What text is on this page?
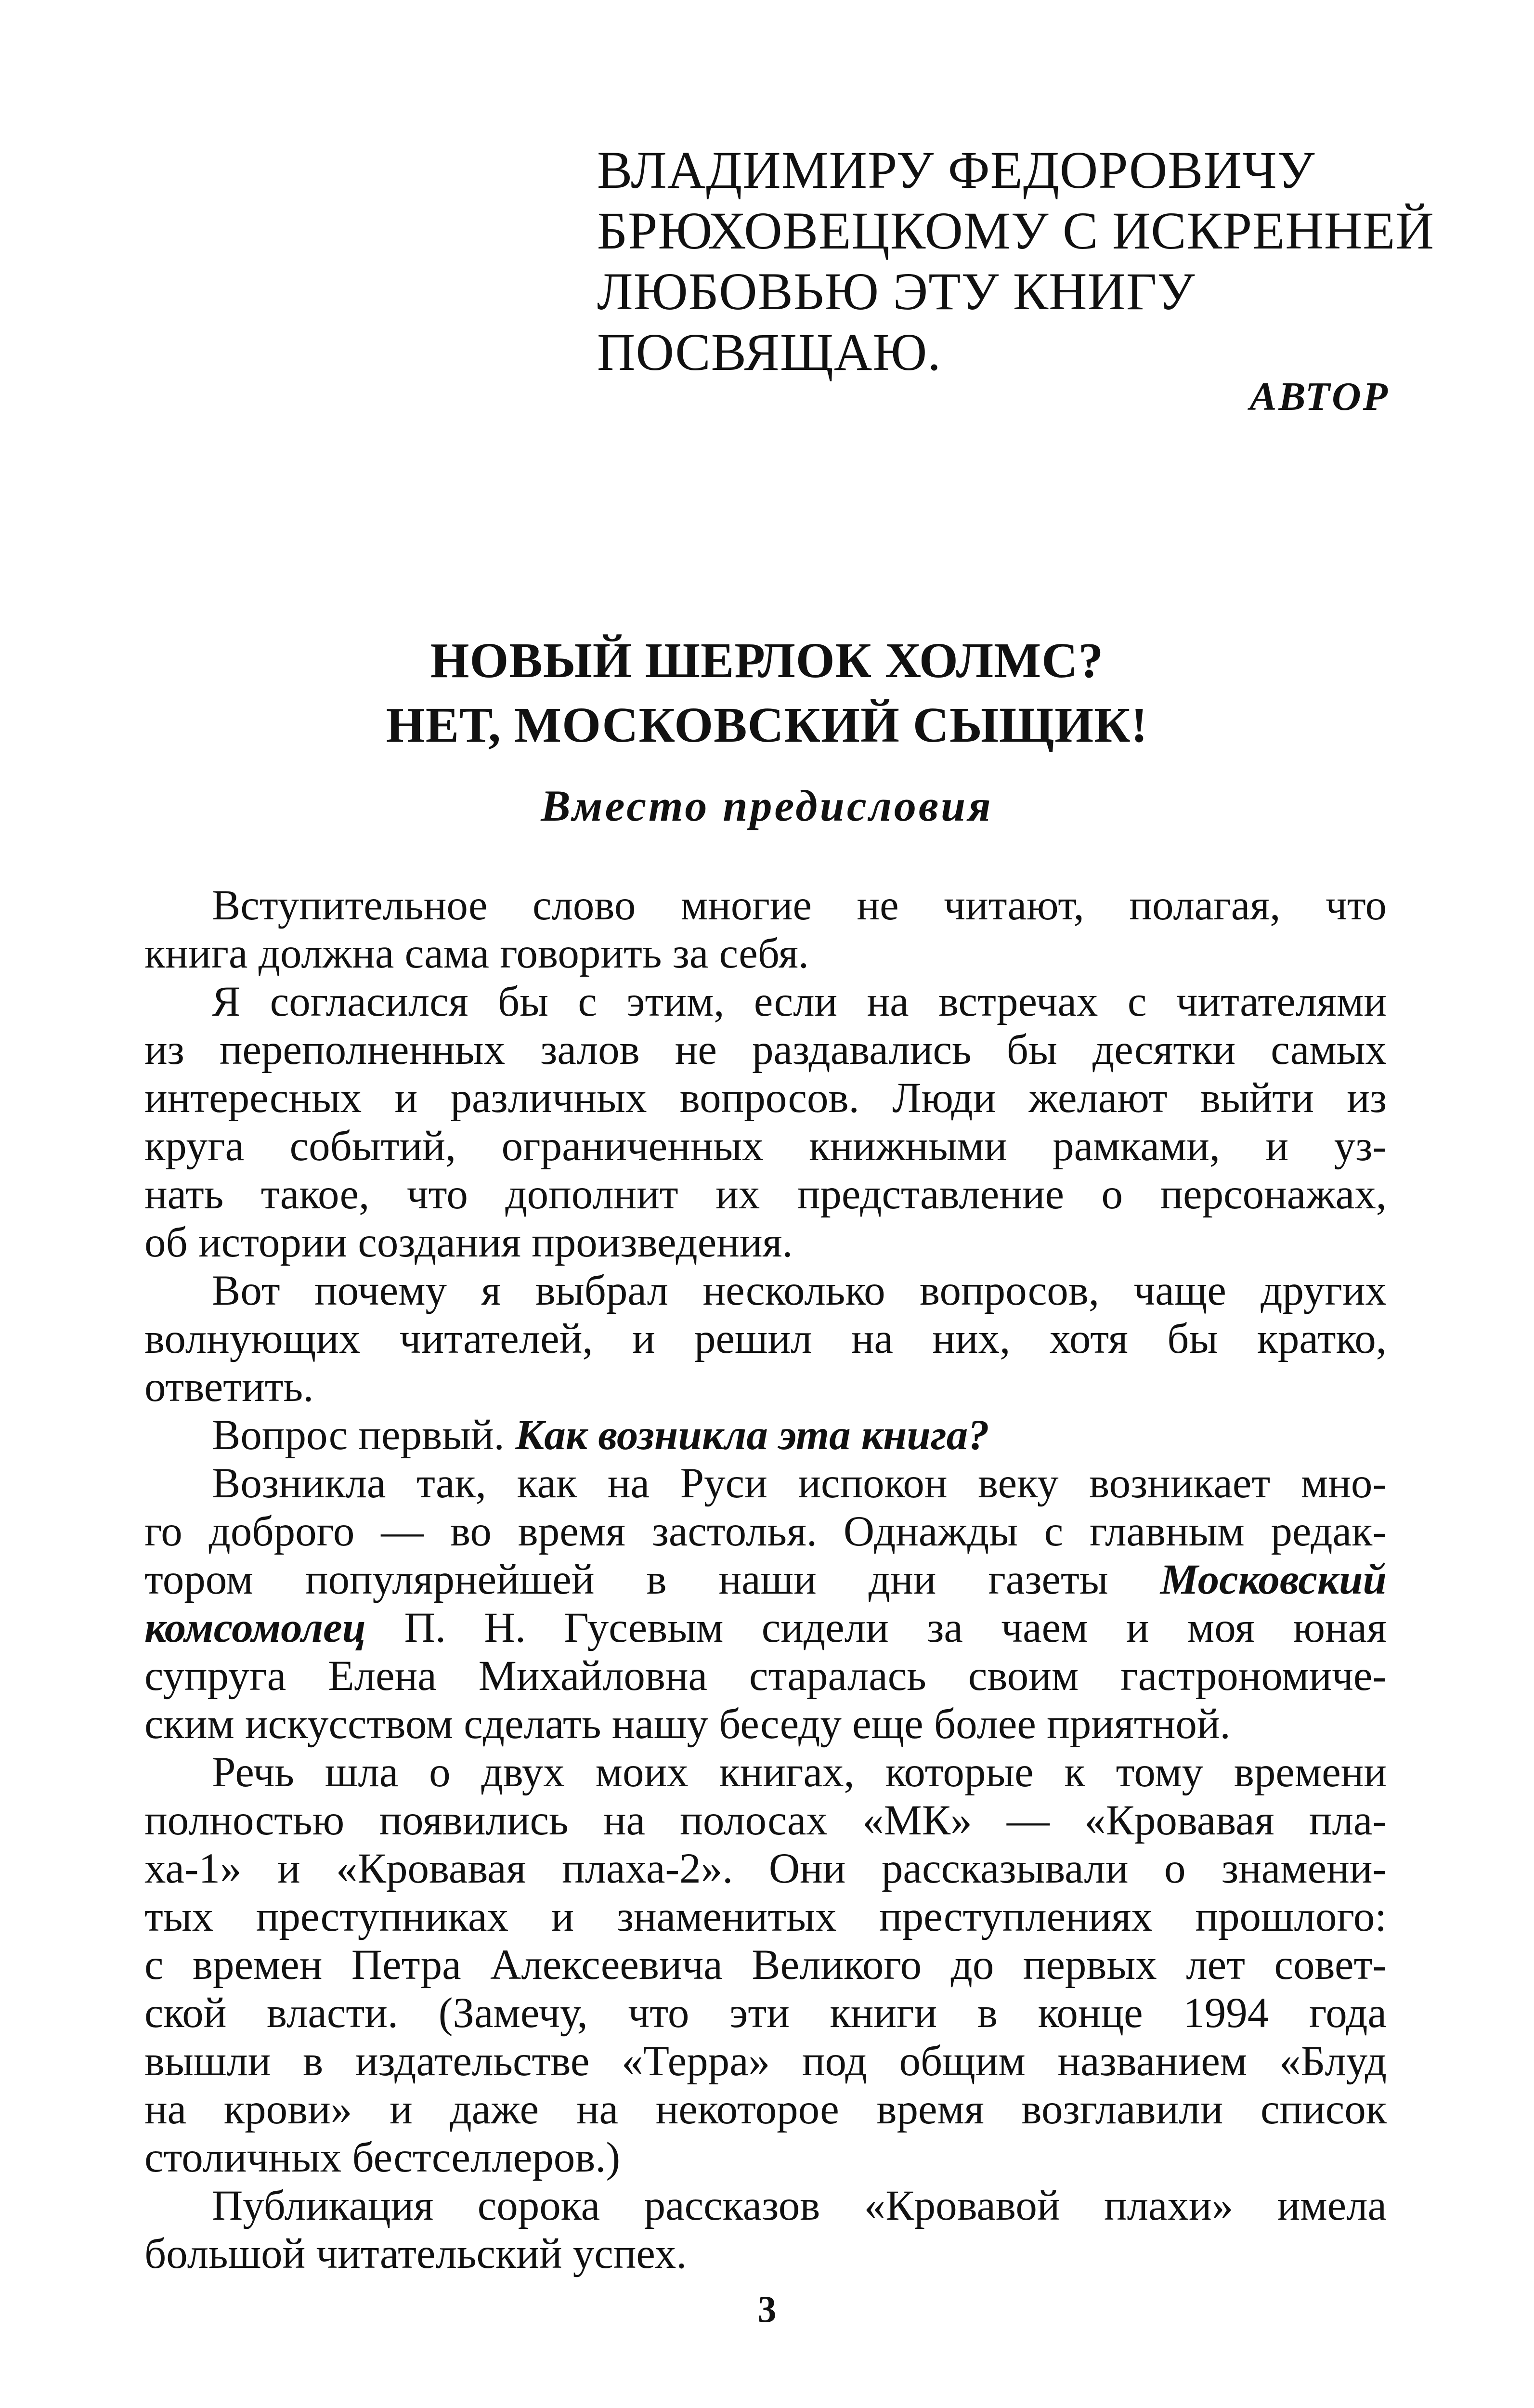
ВЛАДИМИРУ ФЕДОРОВИЧУ
БРЮХОВЕЦКОМУ С ИСКРЕННЕЙ
ЛЮБОВЬЮ ЭТУ КНИГУ
ПОСВЯЩАЮ.
АВТОР
НОВЫЙ ШЕРЛОК ХОЛМС?
НЕТ, МОСКОВСКИЙ СЫЩИК!
Вместо предисловия
Вступительное слово многие не читают, полагая, что
книга должна сама говорить за себя.
Я согласился бы с этим, если на встречах с читателями
из переполненных залов не раздавались бы десятки самых
интересных и различных вопросов. Люди желают выйти из
круга событий, ограниченных книжными рамками, и уз-
нать такое, что дополнит их представление о персонажах,
об истории создания произведения.
Вот почему я выбрал несколько вопросов, чаще других
волнующих читателей, и решил на них, хотя бы кратко,
ответить.
Вопрос первый. Как возникла эта книга?
Возникла так, как на Руси испокон веку возникает мно-
го доброго — во время застолья. Однажды с главным редак-
тором популярнейшей в наши дни газеты Московский
комсомолец П. Н. Гусевым сидели за чаем и моя юная
супруга Елена Михайловна старалась своим гастрономиче-
ским искусством сделать нашу беседу еще более приятной.
Речь шла о двух моих книгах, которые к тому времени
полностью появились на полосах «МК» — «Кровавая пла-
ха-1» и «Кровавая плаха-2». Они рассказывали о знамени-
тых преступниках и знаменитых преступлениях прошлого:
с времен Петра Алексеевича Великого до первых лет совет-
ской власти. (Замечу, что эти книги в конце 1994 года
вышли в издательстве «Терра» под общим названием «Блуд
на крови» и даже на некоторое время возглавили список
столичных бестселлеров.)
Публикация сорока рассказов «Кровавой плахи» имела
большой читательский успех.
3
